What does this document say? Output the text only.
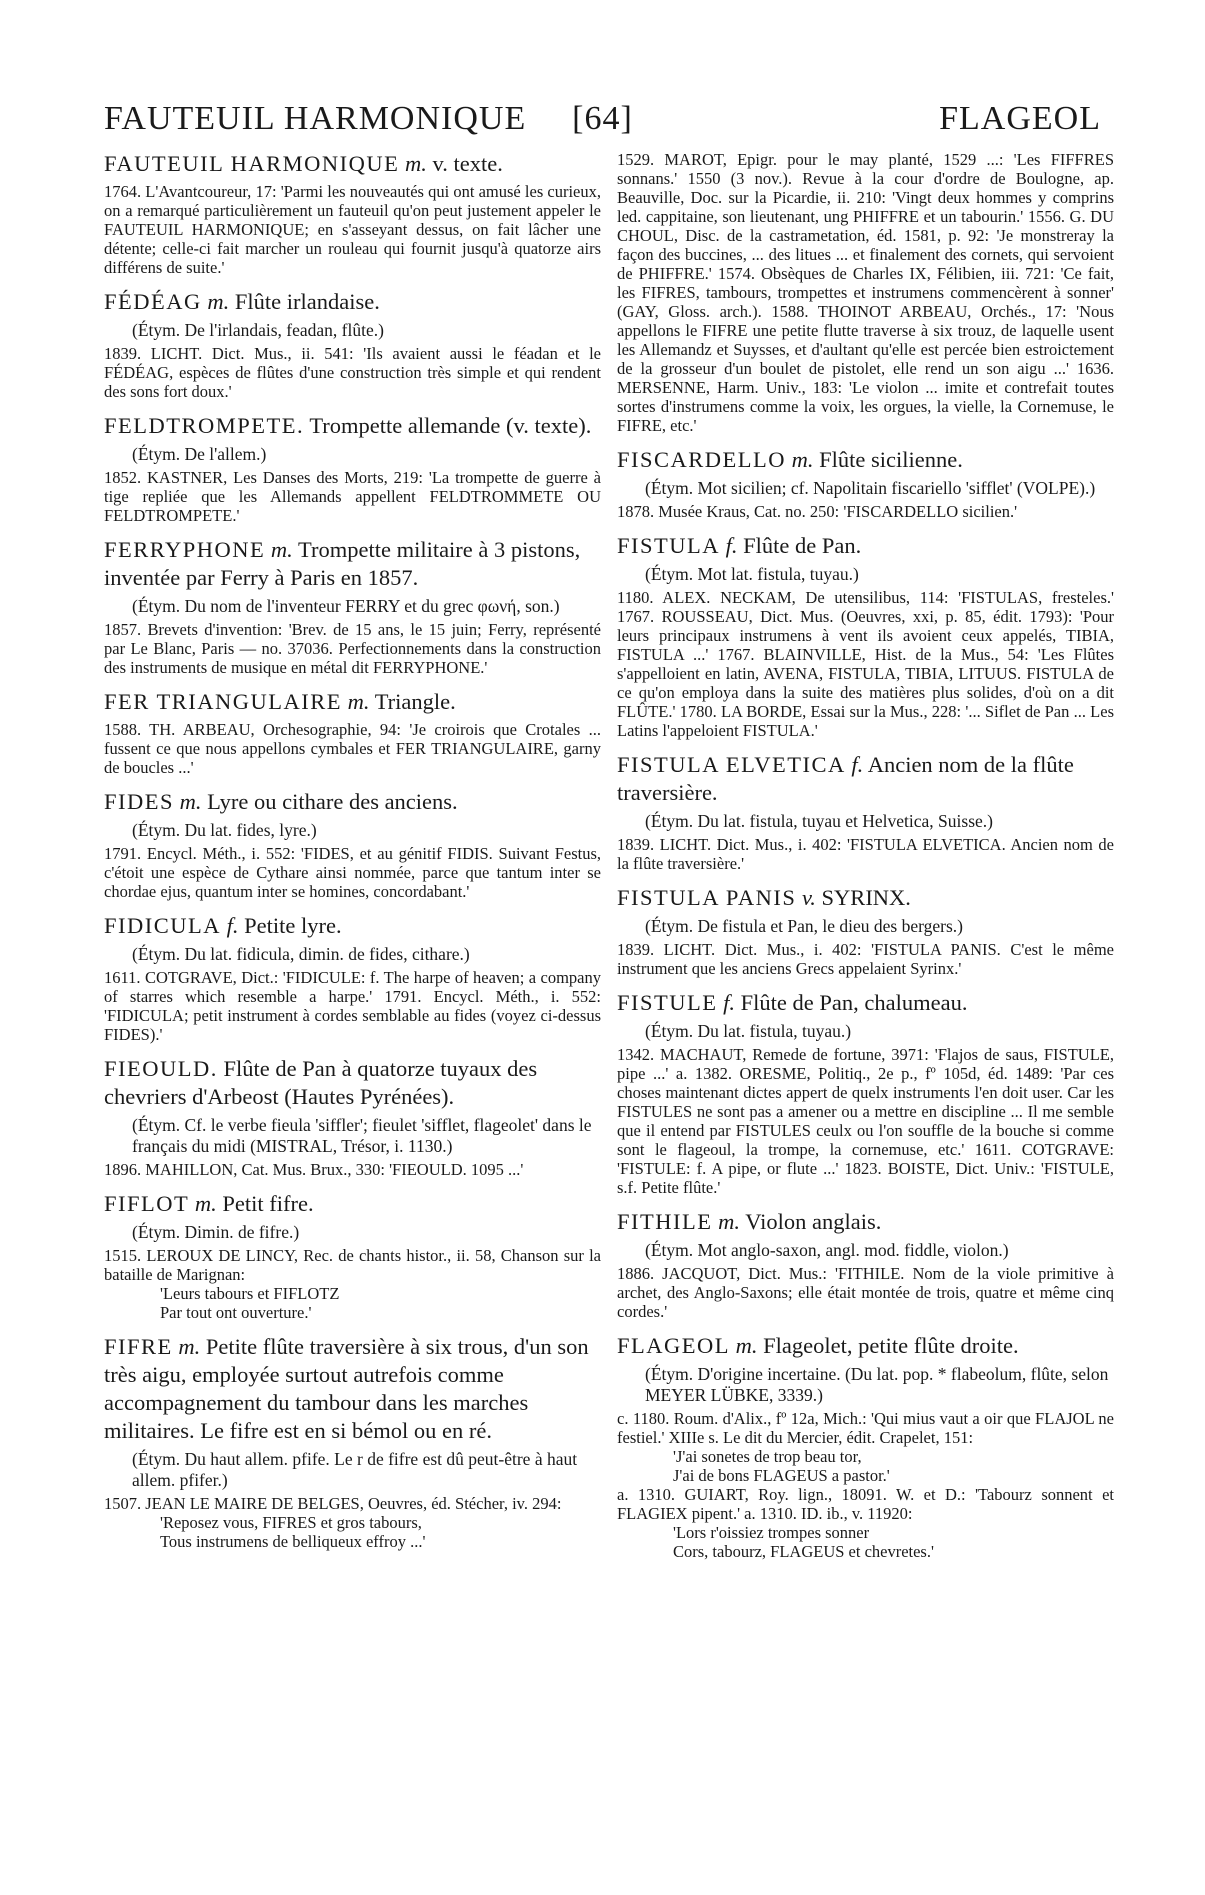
FAUTEUIL HARMONIQUE	[64]	FLAGEOL

FAUTEUIL HARMONIQUE m. v. texte.

1764. L'Avantcoureur, 17: 'Parmi les nouveautés qui ont amusé les curieux, on a remarqué particulièrement un fauteuil qu'on peut justement appeler le FAUTEUIL HARMONIQUE; en s'asseyant dessus, on fait lâcher une détente; celle-ci fait marcher un rouleau qui fournit jusqu'à quatorze airs différens de suite.'

FÉDÉAG m. Flûte irlandaise.

(Étym. De l'irlandais, feadan, flûte.)

1839. LICHT. Dict. Mus., ii. 541: 'Ils avaient aussi le féadan et le FÉDÉAG, espèces de flûtes d'une construction très simple et qui rendent des sons fort doux.'

FELDTROMPETE. Trompette allemande (v. texte).

(Étym. De l'allem.)

1852. KASTNER, Les Danses des Morts, 219: 'La trompette de guerre à tige repliée que les Allemands appellent FELDTROMMETE OU FELDTROMPETE.'

FERRYPHONE m. Trompette militaire à 3 pistons, inventée par Ferry à Paris en 1857.

(Étym. Du nom de l'inventeur FERRY et du grec φωνή, son.)

1857. Brevets d'invention: 'Brev. de 15 ans, le 15 juin; Ferry, représenté par Le Blanc, Paris — no. 37036. Perfectionnements dans la construction des instruments de musique en métal dit FERRYPHONE.'

FER TRIANGULAIRE m. Triangle.

1588. TH. ARBEAU, Orchesographie, 94: 'Je croirois que Crotales ... fussent ce que nous appellons cymbales et FER TRIANGULAIRE, garny de boucles ...'

FIDES m. Lyre ou cithare des anciens.

(Étym. Du lat. fides, lyre.)

1791. Encycl. Méth., i. 552: 'FIDES, et au génitif FIDIS. Suivant Festus, c'étoit une espèce de Cythare ainsi nommée, parce que tantum inter se chordae ejus, quantum inter se homines, concordabant.'

FIDICULA f. Petite lyre.

(Étym. Du lat. fidicula, dimin. de fides, cithare.)

1611. COTGRAVE, Dict.: 'FIDICULE: f. The harpe of heaven; a company of starres which resemble a harpe.' 1791. Encycl. Méth., i. 552: 'FIDICULA; petit instrument à cordes semblable au fides (voyez ci-dessus FIDES).'

FIEOULD. Flûte de Pan à quatorze tuyaux des chevriers d'Arbeost (Hautes Pyrénées).

(Étym. Cf. le verbe fieula 'siffler'; fieulet 'sifflet, flageolet' dans le français du midi (MISTRAL, Trésor, i. 1130.)

1896. MAHILLON, Cat. Mus. Brux., 330: 'FIEOULD. 1095 ...'

FIFLOT m. Petit fifre.

(Étym. Dimin. de fifre.)

1515. LEROUX DE LINCY, Rec. de chants histor., ii. 58, Chanson sur la bataille de Marignan:

'Leurs tabours et FIFLOTZ

Par tout ont ouverture.'

FIFRE m. Petite flûte traversière à six trous, d'un son très aigu, employée surtout autrefois comme accompagnement du tambour dans les marches militaires. Le fifre est en si bémol ou en ré.

(Étym. Du haut allem. pfife. Le r de fifre est dû peut-être à haut allem. pfifer.)

1507. JEAN LE MAIRE DE BELGES, Oeuvres, éd. Stécher, iv. 294:

'Reposez vous, FIFRES et gros tabours,

Tous instrumens de belliqueux effroy ...'

1529. MAROT, Epigr. pour le may planté, 1529 ...: 'Les FIFFRES sonnans.' 1550 (3 nov.). Revue à la cour d'ordre de Boulogne, ap. Beauville, Doc. sur la Picardie, ii. 210: 'Vingt deux hommes y comprins led. cappitaine, son lieutenant, ung PHIFFRE et un tabourin.' 1556. G. DU CHOUL, Disc. de la castrametation, éd. 1581, p. 92: 'Je monstreray la façon des buccines, ... des litues ... et finalement des cornets, qui servoient de PHIFFRE.' 1574. Obsèques de Charles IX, Félibien, iii. 721: 'Ce fait, les FIFRES, tambours, trompettes et instrumens commencèrent à sonner' (GAY, Gloss. arch.). 1588. THOINOT ARBEAU, Orchés., 17: 'Nous appellons le FIFRE une petite flutte traverse à six trouz, de laquelle usent les Allemandz et Suysses, et d'aultant qu'elle est percée bien estroictement de la grosseur d'un boulet de pistolet, elle rend un son aigu ...' 1636. MERSENNE, Harm. Univ., 183: 'Le violon ... imite et contrefait toutes sortes d'instrumens comme la voix, les orgues, la vielle, la Cornemuse, le FIFRE, etc.'

FISCARDELLO m. Flûte sicilienne.

(Étym. Mot sicilien; cf. Napolitain fiscariello 'sifflet' (VOLPE).)

1878. Musée Kraus, Cat. no. 250: 'FISCARDELLO sicilien.'

FISTULA f. Flûte de Pan.

(Étym. Mot lat. fistula, tuyau.)

1180. ALEX. NECKAM, De utensilibus, 114: 'FISTULAS, fresteles.' 1767. ROUSSEAU, Dict. Mus. (Oeuvres, xxi, p. 85, édit. 1793): 'Pour leurs principaux instrumens à vent ils avoient ceux appelés, TIBIA, FISTULA ...' 1767. BLAINVILLE, Hist. de la Mus., 54: 'Les Flûtes s'appelloient en latin, AVENA, FISTULA, TIBIA, LITUUS. FISTULA de ce qu'on employa dans la suite des matières plus solides, d'où on a dit FLÛTE.' 1780. LA BORDE, Essai sur la Mus., 228: '... Siflet de Pan ... Les Latins l'appeloient FISTULA.'

FISTULA ELVETICA f. Ancien nom de la flûte traversière.

(Étym. Du lat. fistula, tuyau et Helvetica, Suisse.)

1839. LICHT. Dict. Mus., i. 402: 'FISTULA ELVETICA. Ancien nom de la flûte traversière.'

FISTULA PANIS v. SYRINX.

(Étym. De fistula et Pan, le dieu des bergers.)

1839. LICHT. Dict. Mus., i. 402: 'FISTULA PANIS. C'est le même instrument que les anciens Grecs appelaient Syrinx.'

FISTULE f. Flûte de Pan, chalumeau.

(Étym. Du lat. fistula, tuyau.)

1342. MACHAUT, Remede de fortune, 3971: 'Flajos de saus, FISTULE, pipe ...' a. 1382. ORESME, Politiq., 2e p., fº 105d, éd. 1489: 'Par ces choses maintenant dictes appert de quelx instruments l'en doit user. Car les FISTULES ne sont pas a amener ou a mettre en discipline ... Il me semble que il entend par FISTULES ceulx ou l'on souffle de la bouche si comme sont le flageoul, la trompe, la cornemuse, etc.' 1611. COTGRAVE: 'FISTULE: f. A pipe, or flute ...' 1823. BOISTE, Dict. Univ.: 'FISTULE, s.f. Petite flûte.'

FITHILE m. Violon anglais.

(Étym. Mot anglo-saxon, angl. mod. fiddle, violon.)

1886. JACQUOT, Dict. Mus.: 'FITHILE. Nom de la viole primitive à archet, des Anglo-Saxons; elle était montée de trois, quatre et même cinq cordes.'

FLAGEOL m. Flageolet, petite flûte droite.

(Étym. D'origine incertaine. (Du lat. pop. * flabeolum, flûte, selon MEYER LÜBKE, 3339.)

c. 1180. Roum. d'Alix., fº 12a, Mich.: 'Qui mius vaut a oir que FLAJOL ne festiel.' XIIIe s. Le dit du Mercier, édit. Crapelet, 151:

'J'ai sonetes de trop beau tor,

J'ai de bons FLAGEUS a pastor.'

a. 1310. GUIART, Roy. lign., 18091. W. et D.: 'Tabourz sonnent et FLAGIEX pipent.' a. 1310. ID. ib., v. 11920:

'Lors r'oissiez trompes sonner

Cors, tabourz, FLAGEUS et chevretes.'
